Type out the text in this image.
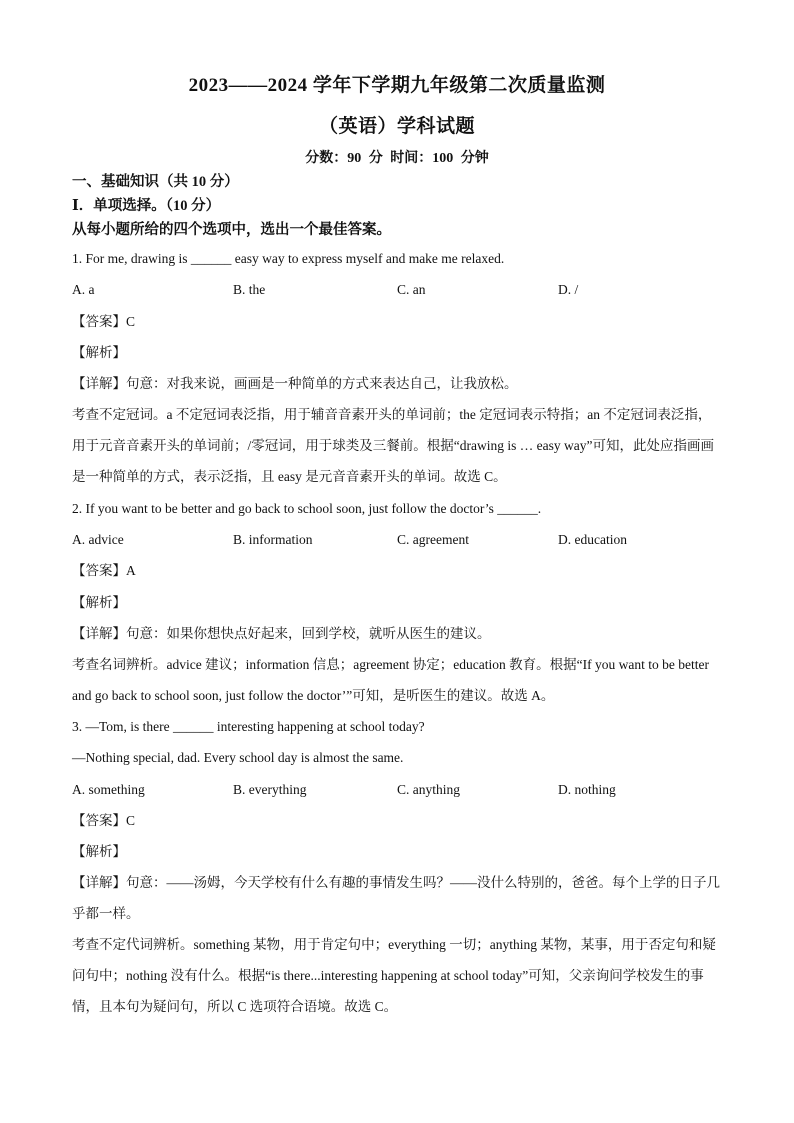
2023——2024 学年下学期九年级第二次质量监测
（英语）学科试题
分数：90 分 时间：100 分钟
一、基础知识（共 10 分）
Ⅰ．单项选择。（10 分）
从每小题所给的四个选项中，选出一个最佳答案。
1. For me, drawing is ______ easy way to express myself and make me relaxed.
A. a	B. the	C. an	D. /
【答案】C
【解析】
【详解】句意：对我来说，画画是一种简单的方式来表达自己，让我放松。
考查不定冠词。a 不定冠词表泛指，用于辅音音素开头的单词前；the 定冠词表示特指；an 不定冠词表泛指，用于元音音素开头的单词前；/零冠词，用于球类及三餐前。根据“drawing is … easy way”可知，此处应指画画是一种简单的方式，表示泛指，且 easy 是元音音素开头的单词。故选 C。
2. If you want to be better and go back to school soon, just follow the doctor’s ______.
A. advice	B. information	C. agreement	D. education
【答案】A
【解析】
【详解】句意：如果你想快点好起来，回到学校，就听从医生的建议。
考查名词辨析。advice 建议；information 信息；agreement 协定；education 教育。根据“If you want to be better and go back to school soon, just follow the doctor’”可知，是听医生的建议。故选 A。
3. —Tom, is there ______ interesting happening at school today?
—Nothing special, dad. Every school day is almost the same.
A. something	B. everything	C. anything	D. nothing
【答案】C
【解析】
【详解】句意：——汤姆，今天学校有什么有趣的事情发生吗？——没什么特别的，爸爸。每个上学的日子几乎都一样。
考查不定代词辨析。something 某物，用于肯定句中；everything 一切；anything 某物，某事，用于否定句和疑问句中；nothing 没有什么。根据“is there...interesting happening at school today”可知，父亲询问学校发生的事情，且本句为疑问句，所以 C 选项符合语境。故选 C。
